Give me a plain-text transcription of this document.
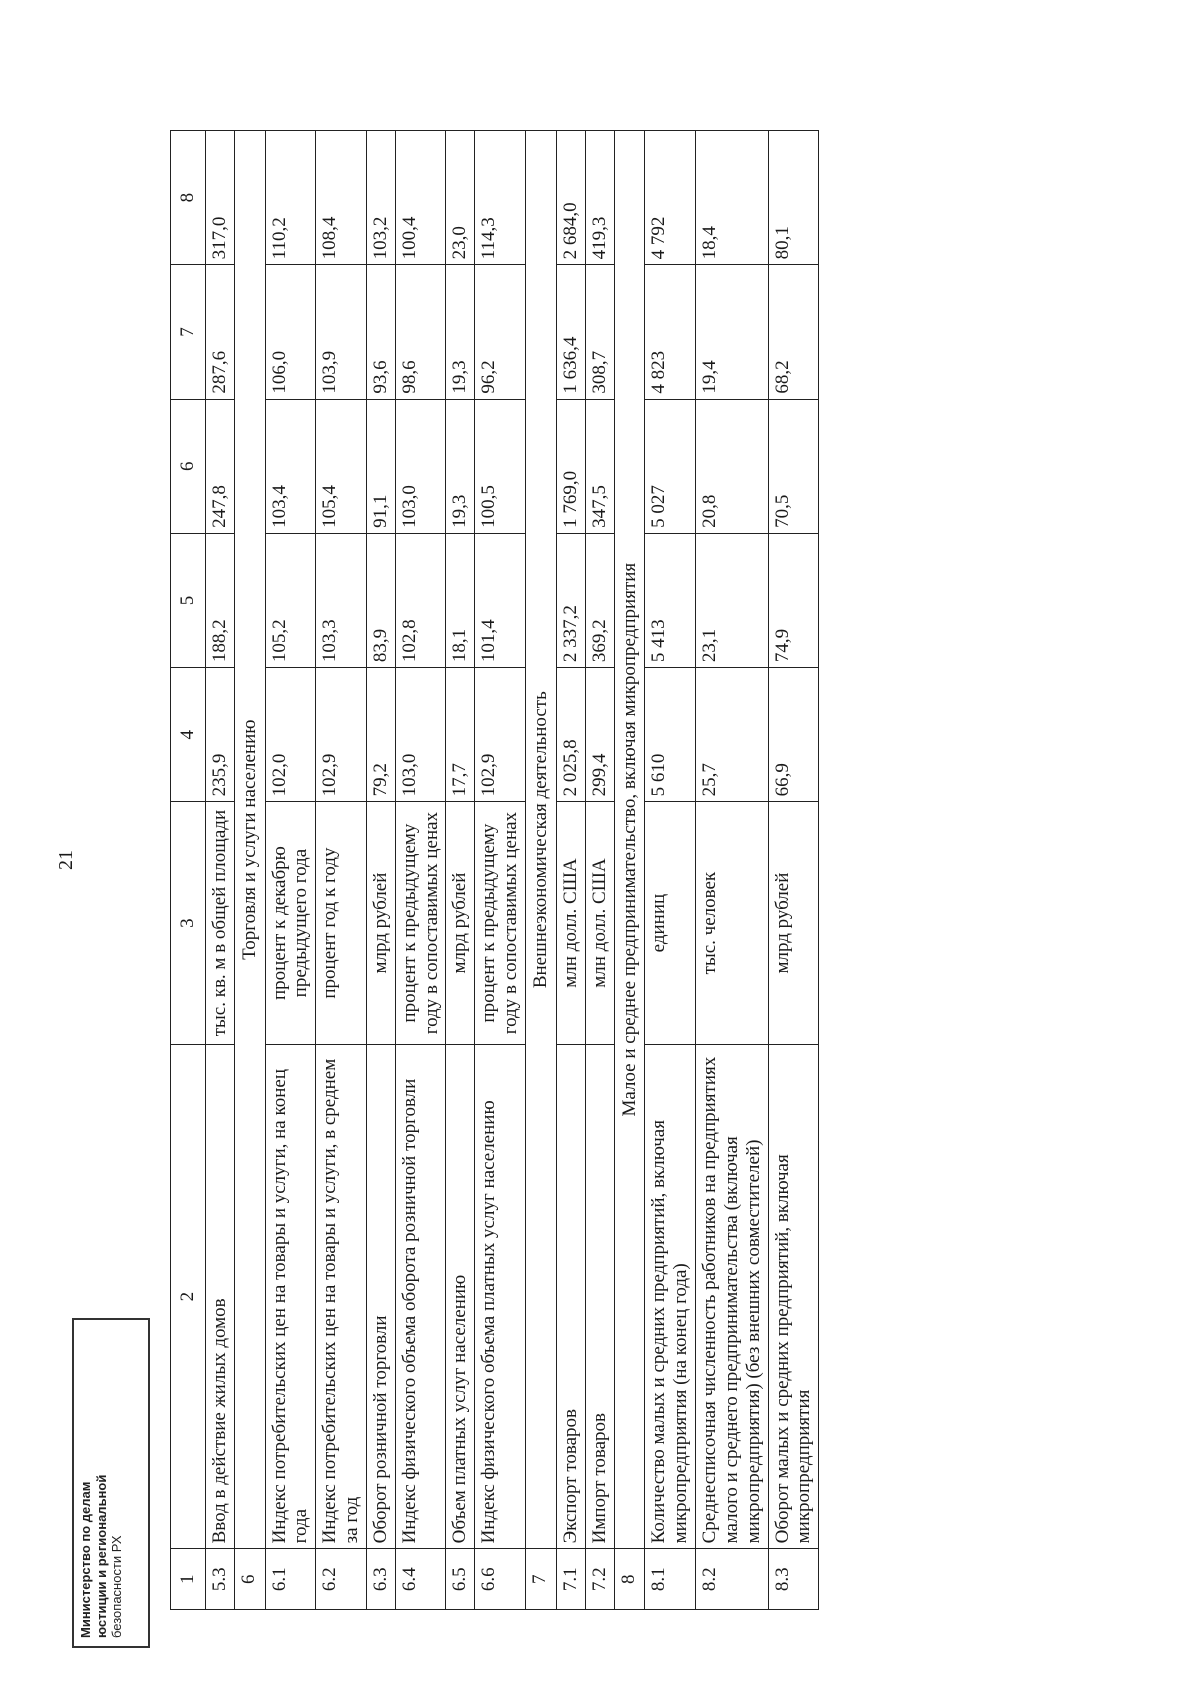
21
1	2	3	4	5	6	7	8
5.3	Ввод в действие жилых домов	тыс. кв. м в общей площади	235,9	188,2	247,8	287,6	317,0
6	Торговля и услуги населению						
6.1	Индекс потребительских цен на товары и услуги, на конец года	процент к декабрю предыдущего года	102,0	105,2	103,4	106,0	110,2
6.2	Индекс потребительских цен на товары и услуги, в среднем за год	процент год к году	102,9	103,3	105,4	103,9	108,4
6.3	Оборот розничной торговли	млрд рублей	79,2	83,9	91,1	93,6	103,2
6.4	Индекс физического объема оборота розничной торговли	процент к предыдущему году в сопоставимых ценах	103,0	102,8	103,0	98,6	100,4
6.5	Объем платных услуг населению	млрд рублей	17,7	18,1	19,3	19,3	23,0
6.6	Индекс физического объема платных услуг населению	процент к предыдущему году в сопоставимых ценах	102,9	101,4	100,5	96,2	114,3
7	Внешнеэкономическая деятельность						
7.1	Экспорт товаров	млн долл. США	2 025,8	2 337,2	1 769,0	1 636,4	2 684,0
7.2	Импорт товаров	млн долл. США	299,4	369,2	347,5	308,7	419,3
8	Малое и среднее предпринимательство, включая микропредприятия						
8.1	Количество малых и средних предприятий, включая микропредприятия (на конец года)	единиц	5 610	5 413	5 027	4 823	4 792
8.2	Среднесписочная численность работников на предприятиях малого и среднего предпринимательства (включая микропредприятия) (без внешних совместителей)	тыс. человек	25,7	23,1	20,8	19,4	18,4
8.3	Оборот малых и средних предприятий, включая микропредприятия	млрд рублей	66,9	74,9	70,5	68,2	80,1
Министерство по делам юстиции и региональной безопасности РХ
